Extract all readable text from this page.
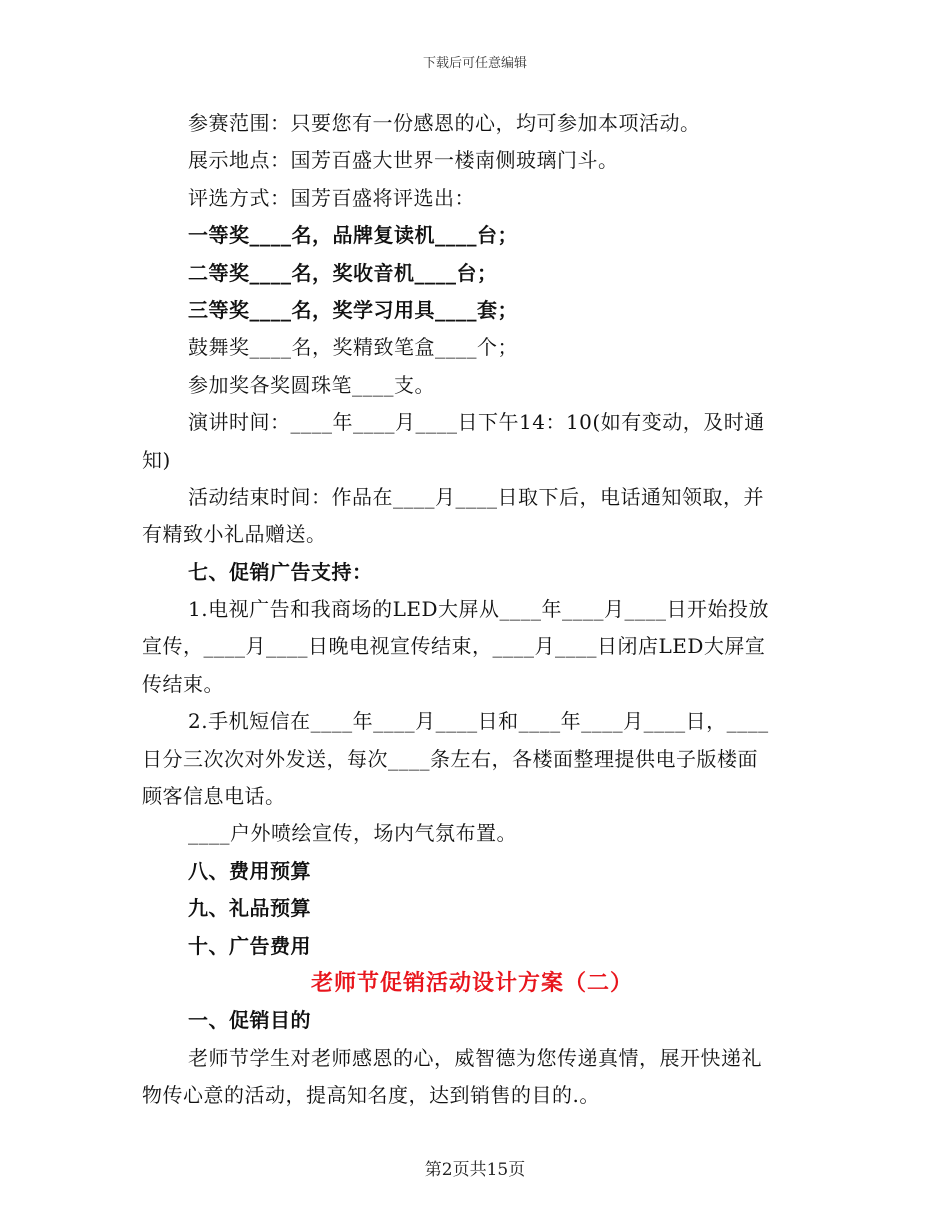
下载后可任意编辑
参赛范围：只要您有一份感恩的心，均可参加本项活动。
展示地点：国芳百盛大世界一楼南侧玻璃门斗。
评选方式：国芳百盛将评选出：
一等奖____名，品牌复读机____台；
二等奖____名，奖收音机____台；
三等奖____名，奖学习用具____套；
鼓舞奖____名，奖精致笔盒____个；
参加奖各奖圆珠笔____支。
演讲时间：____年____月____日下午14：10(如有变动，及时通
知)
活动结束时间：作品在____月____日取下后，电话通知领取，并
有精致小礼品赠送。
七、促销广告支持：
1.电视广告和我商场的LED大屏从____年____月____日开始投放
宣传，____月____日晚电视宣传结束，____月____日闭店LED大屏宣
传结束。
2.手机短信在____年____月____日和____年____月____日，____
日分三次次对外发送，每次____条左右，各楼面整理提供电子版楼面
顾客信息电话。
____户外喷绘宣传，场内气氛布置。
八、费用预算
九、礼品预算
十、广告费用
老师节促销活动设计方案（二）
一、促销目的
老师节学生对老师感恩的心，威智德为您传递真情，展开快递礼
物传心意的活动，提高知名度，达到销售的目的.。
第2页共15页
